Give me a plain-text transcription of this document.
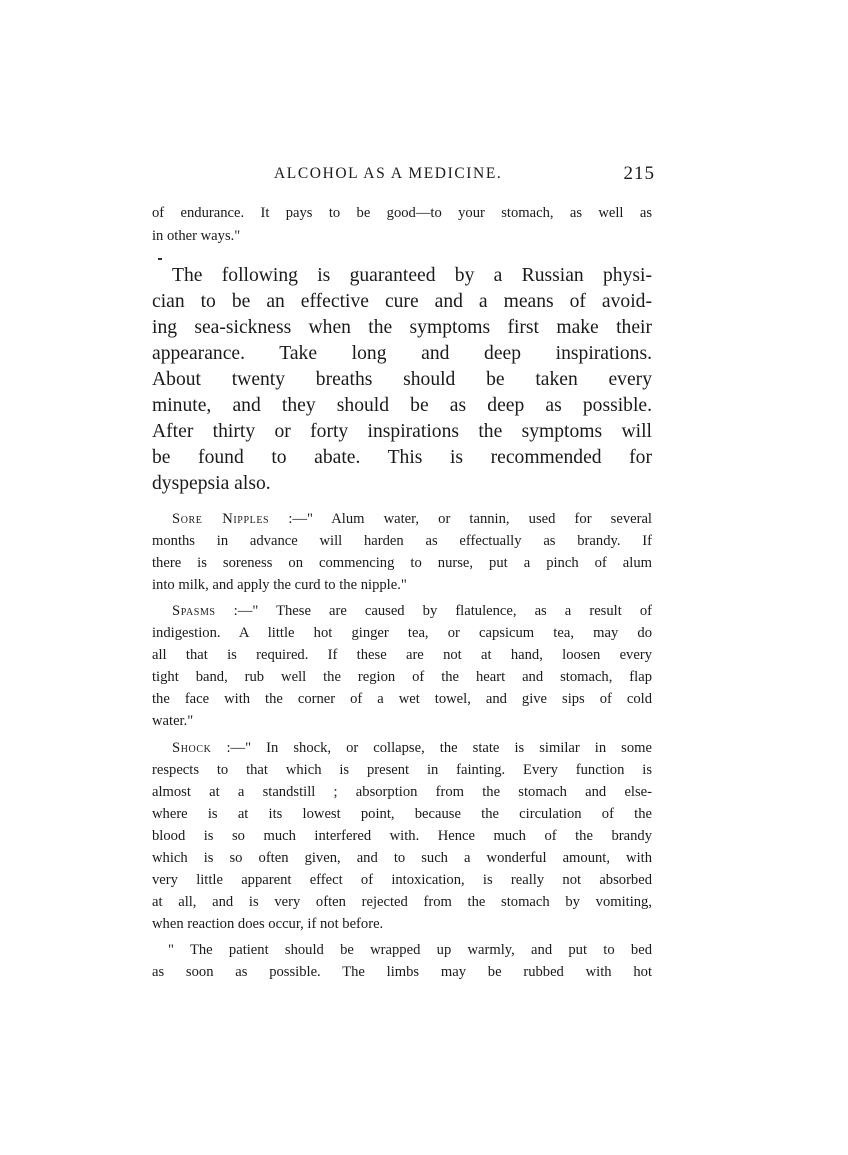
ALCOHOL AS A MEDICINE.	215
of endurance. It pays to be good—to your stomach, as well as
in other ways."
The following is guaranteed by a Russian physi-
cian to be an effective cure and a means of avoid-
ing sea-sickness when the symptoms first make their
appearance. Take long and deep inspirations.
About twenty breaths should be taken every
minute, and they should be as deep as possible.
After thirty or forty inspirations the symptoms will
be found to abate. This is recommended for
dyspepsia also.
Sore Nipples :—" Alum water, or tannin, used for several
months in advance will harden as effectually as brandy. If
there is soreness on commencing to nurse, put a pinch of alum
into milk, and apply the curd to the nipple."
Spasms :—" These are caused by flatulence, as a result of
indigestion. A little hot ginger tea, or capsicum tea, may do
all that is required. If these are not at hand, loosen every
tight band, rub well the region of the heart and stomach, flap
the face with the corner of a wet towel, and give sips of cold
water."
Shock :—" In shock, or collapse, the state is similar in some
respects to that which is present in fainting. Every function is
almost at a standstill ; absorption from the stomach and else-
where is at its lowest point, because the circulation of the
blood is so much interfered with. Hence much of the brandy
which is so often given, and to such a wonderful amount, with
very little apparent effect of intoxication, is really not absorbed
at all, and is very often rejected from the stomach by vomiting,
when reaction does occur, if not before.
" The patient should be wrapped up warmly, and put to bed
as soon as possible. The limbs may be rubbed with hot
